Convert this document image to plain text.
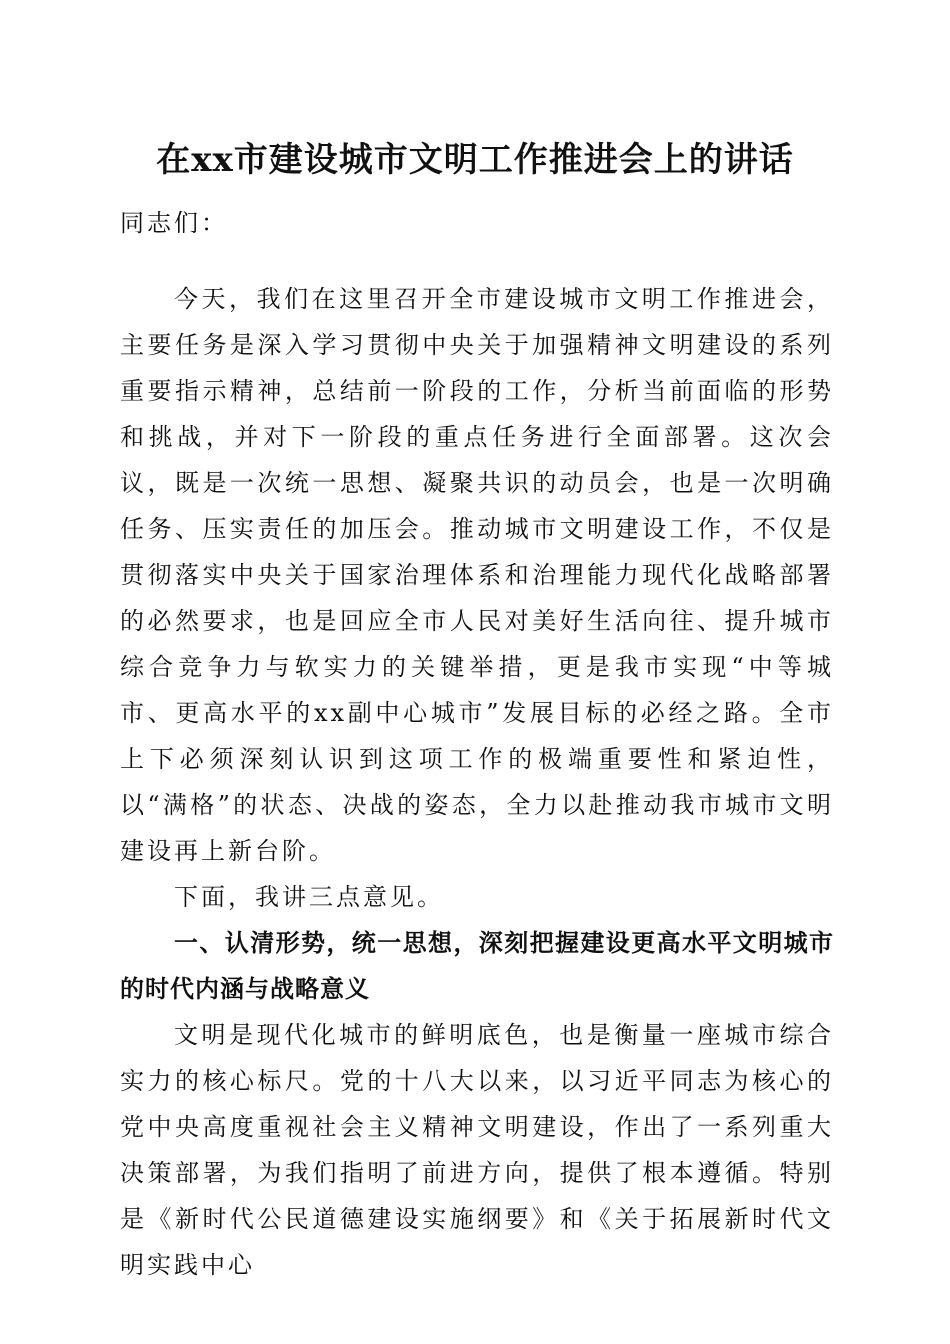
在xx市建设城市文明工作推进会上的讲话

同志们：

今天，我们在这里召开全市建设城市文明工作推进会，主要任务是深入学习贯彻中央关于加强精神文明建设的系列重要指示精神，总结前一阶段的工作，分析当前面临的形势和挑战，并对下一阶段的重点任务进行全面部署。这次会议，既是一次统一思想、凝聚共识的动员会，也是一次明确任务、压实责任的加压会。推动城市文明建设工作，不仅是贯彻落实中央关于国家治理体系和治理能力现代化战略部署的必然要求，也是回应全市人民对美好生活向往、提升城市综合竞争力与软实力的关键举措，更是我市实现“中等城市、更高水平的xx副中心城市”发展目标的必经之路。全市上下必须深刻认识到这项工作的极端重要性和紧迫性，以“满格”的状态、决战的姿态，全力以赴推动我市城市文明建设再上新台阶。

下面，我讲三点意见。

一、认清形势，统一思想，深刻把握建设更高水平文明城市的时代内涵与战略意义

文明是现代化城市的鲜明底色，也是衡量一座城市综合实力的核心标尺。党的十八大以来，以习近平同志为核心的党中央高度重视社会主义精神文明建设，作出了一系列重大决策部署，为我们指明了前进方向，提供了根本遵循。特别是《新时代公民道德建设实施纲要》和《关于拓展新时代文明实践中心
